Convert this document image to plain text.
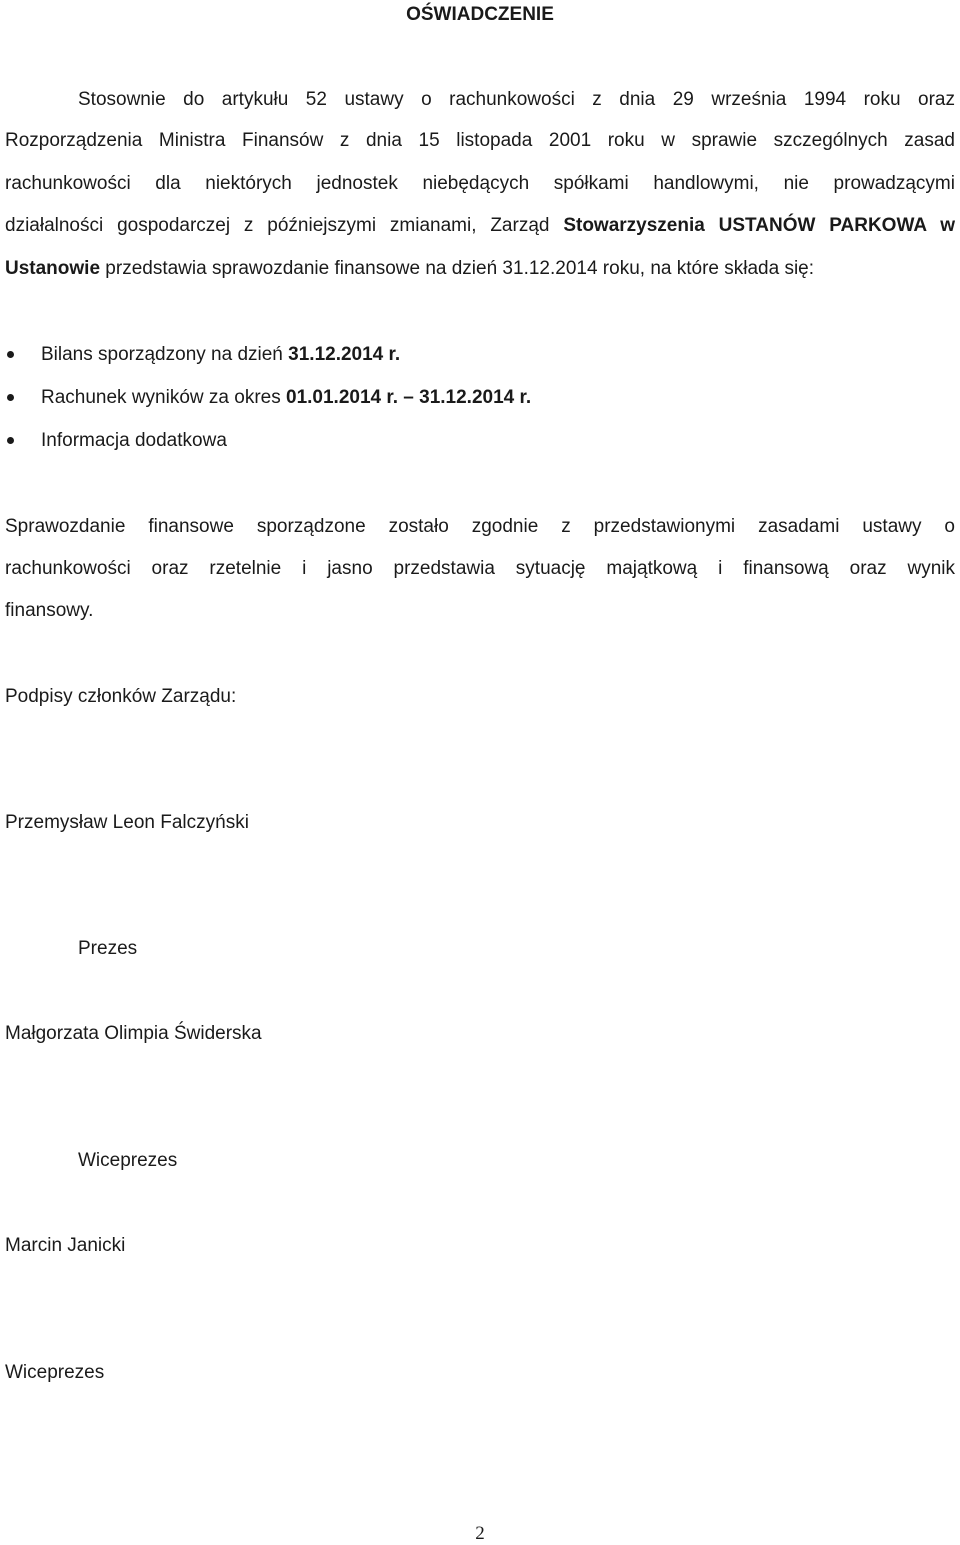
OŚWIADCZENIE
Stosownie do artykułu 52 ustawy o rachunkowości z dnia 29 września 1994 roku oraz
Rozporządzenia Ministra Finansów z dnia 15 listopada 2001 roku w sprawie szczególnych zasad
rachunkowości dla niektórych jednostek niebędących spółkami handlowymi, nie prowadzącymi
działalności gospodarczej z późniejszymi zmianami, Zarząd Stowarzyszenia USTANÓW PARKOWA w
Ustanowie przedstawia sprawozdanie finansowe na dzień 31.12.2014 roku, na które składa się:
Bilans sporządzony na dzień 31.12.2014 r.
Rachunek wyników za okres 01.01.2014 r. – 31.12.2014 r.
Informacja dodatkowa
Sprawozdanie finansowe sporządzone zostało zgodnie z przedstawionymi zasadami ustawy o
rachunkowości oraz rzetelnie i jasno przedstawia sytuację majątkową i finansową oraz wynik
finansowy.
Podpisy członków Zarządu:
Przemysław Leon Falczyński
Prezes
Małgorzata Olimpia Świderska
Wiceprezes
Marcin Janicki
Wiceprezes
2
